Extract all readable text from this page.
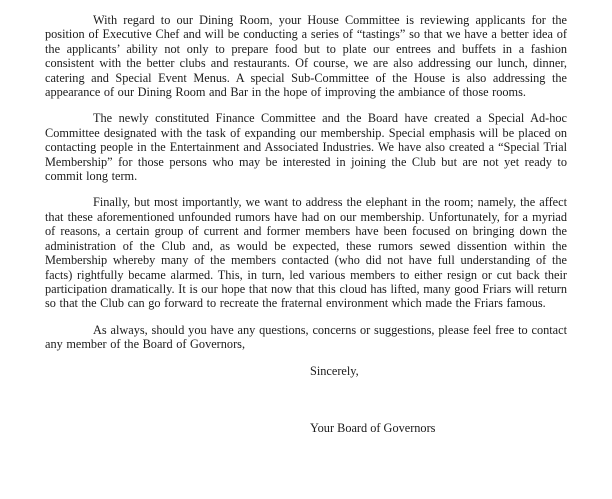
With regard to our Dining Room, your House Committee is reviewing applicants for the position of Executive Chef and will be conducting a series of “tastings” so that we have a better idea of the applicants’ ability not only to prepare food but to plate our entrees and buffets in a fashion consistent with the better clubs and restaurants. Of course, we are also addressing our lunch, dinner, catering and Special Event Menus. A special Sub-Committee of the House is also addressing the appearance of our Dining Room and Bar in the hope of improving the ambiance of those rooms.

The newly constituted Finance Committee and the Board have created a Special Ad-hoc Committee designated with the task of expanding our membership. Special emphasis will be placed on contacting people in the Entertainment and Associated Industries. We have also created a “Special Trial Membership” for those persons who may be interested in joining the Club but are not yet ready to commit long term.

Finally, but most importantly, we want to address the elephant in the room; namely, the affect that these aforementioned unfounded rumors have had on our membership. Unfortunately, for a myriad of reasons, a certain group of current and former members have been focused on bringing down the administration of the Club and, as would be expected, these rumors sewed dissention within the Membership whereby many of the members contacted (who did not have full understanding of the facts) rightfully became alarmed. This, in turn, led various members to either resign or cut back their participation dramatically. It is our hope that now that this cloud has lifted, many good Friars will return so that the Club can go forward to recreate the fraternal environment which made the Friars famous.

As always, should you have any questions, concerns or suggestions, please feel free to contact any member of the Board of Governors,

Sincerely,

Your Board of Governors
